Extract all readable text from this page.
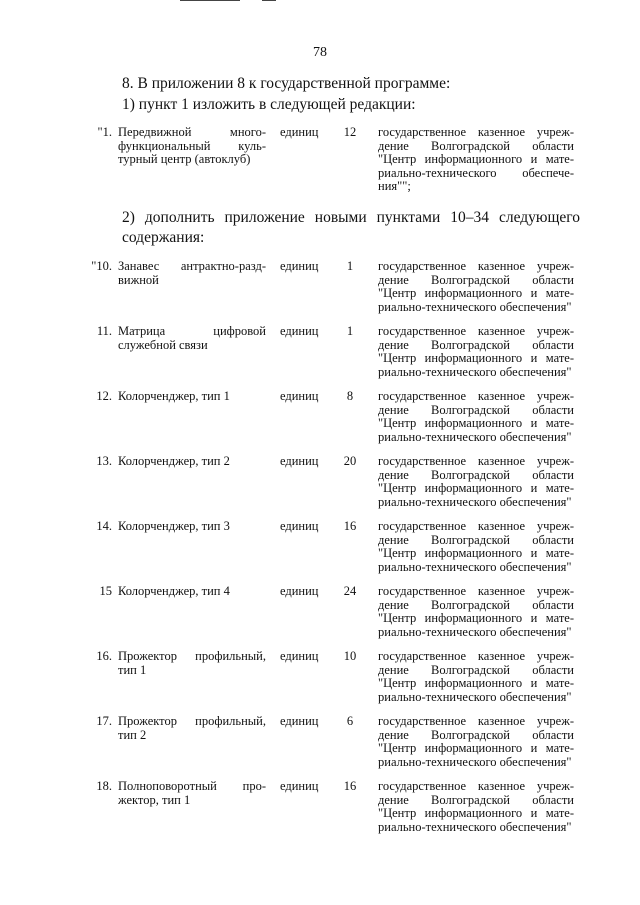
78
8. В приложении 8 к государственной программе:
1) пункт 1 изложить в следующей редакции:
2) дополнить приложение новыми пунктами 10–34 следующего
содержания:
"1. Передвижной много-
функциональный куль-
турный центр (автоклуб)
единиц	12	государственное казенное учреж-
дение Волгоградской области
"Центр информационного и мате-
риально-технического обеспече-
ния"";
"10. Занавес антрактно-разд-
вижной
единиц	1	государственное казенное учреж-
дение Волгоградской области
"Центр информационного и мате-
риально-технического обеспечения"
11. Матрица цифровой
служебной связи
единиц	1	государственное казенное учреж-
дение Волгоградской области
"Центр информационного и мате-
риально-технического обеспечения"
12. Колорченджер, тип 1	единиц	8	государственное казенное учреж-
дение Волгоградской области
"Центр информационного и мате-
риально-технического обеспечения"
13. Колорченджер, тип 2	единиц	20	государственное казенное учреж-
дение Волгоградской области
"Центр информационного и мате-
риально-технического обеспечения"
14. Колорченджер, тип 3	единиц	16	государственное казенное учреж-
дение Волгоградской области
"Центр информационного и мате-
риально-технического обеспечения"
15 Колорченджер, тип 4	единиц	24	государственное казенное учреж-
дение Волгоградской области
"Центр информационного и мате-
риально-технического обеспечения"
16. Прожектор профильный,
тип 1
единиц	10	государственное казенное учреж-
дение Волгоградской области
"Центр информационного и мате-
риально-технического обеспечения"
17. Прожектор профильный,
тип 2
единиц	6	государственное казенное учреж-
дение Волгоградской области
"Центр информационного и мате-
риально-технического обеспечения"
18. Полноповоротный про-
жектор, тип 1
единиц	16	государственное казенное учреж-
дение Волгоградской области
"Центр информационного и мате-
риально-технического обеспечения"
